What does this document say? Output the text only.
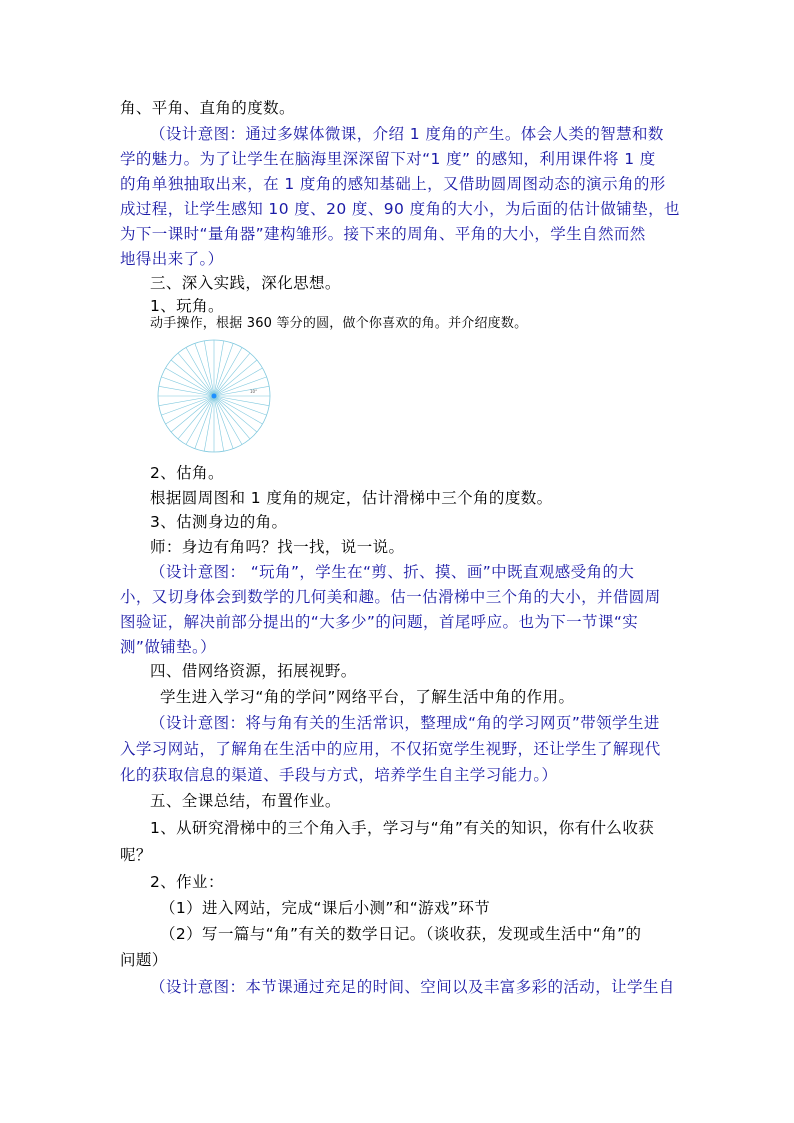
角、平角、直角的度数。
（设计意图：通过多媒体微课，介绍 1 度角的产生。体会人类的智慧和数
学的魅力。为了让学生在脑海里深深留下对“1 度” 的感知，利用课件将 1 度
的角单独抽取出来，在 1 度角的感知基础上，又借助圆周图动态的演示角的形
成过程，让学生感知 10 度、20 度、90 度角的大小，为后面的估计做铺垫，也
为下一课时“量角器”建构雏形。接下来的周角、平角的大小，学生自然而然
地得出来了。）
三、深入实践，深化思想。
1、玩角。
动手操作，根据 360 等分的圆，做个你喜欢的角。并介绍度数。
10°
2、估角。
根据圆周图和 1 度角的规定，估计滑梯中三个角的度数。
3、估测身边的角。
师：身边有角吗？找一找，说一说。
（设计意图： “玩角”，学生在“剪、折、摸、画”中既直观感受角的大
小，又切身体会到数学的几何美和趣。估一估滑梯中三个角的大小，并借圆周
图验证，解决前部分提出的“大多少”的问题，首尾呼应。也为下一节课“实
测”做铺垫。）
四、借网络资源，拓展视野。
学生进入学习“角的学问”网络平台，了解生活中角的作用。
（设计意图：将与角有关的生活常识，整理成“角的学习网页”带领学生进
入学习网站，了解角在生活中的应用，不仅拓宽学生视野，还让学生了解现代
化的获取信息的渠道、手段与方式，培养学生自主学习能力。）
五、全课总结，布置作业。
1、从研究滑梯中的三个角入手，学习与“角”有关的知识，你有什么收获
呢？
2、作业：
（1）进入网站，完成“课后小测”和“游戏”环节
（2）写一篇与“角”有关的数学日记。（谈收获，发现或生活中“角”的
问题）
（设计意图：本节课通过充足的时间、空间以及丰富多彩的活动，让学生自
